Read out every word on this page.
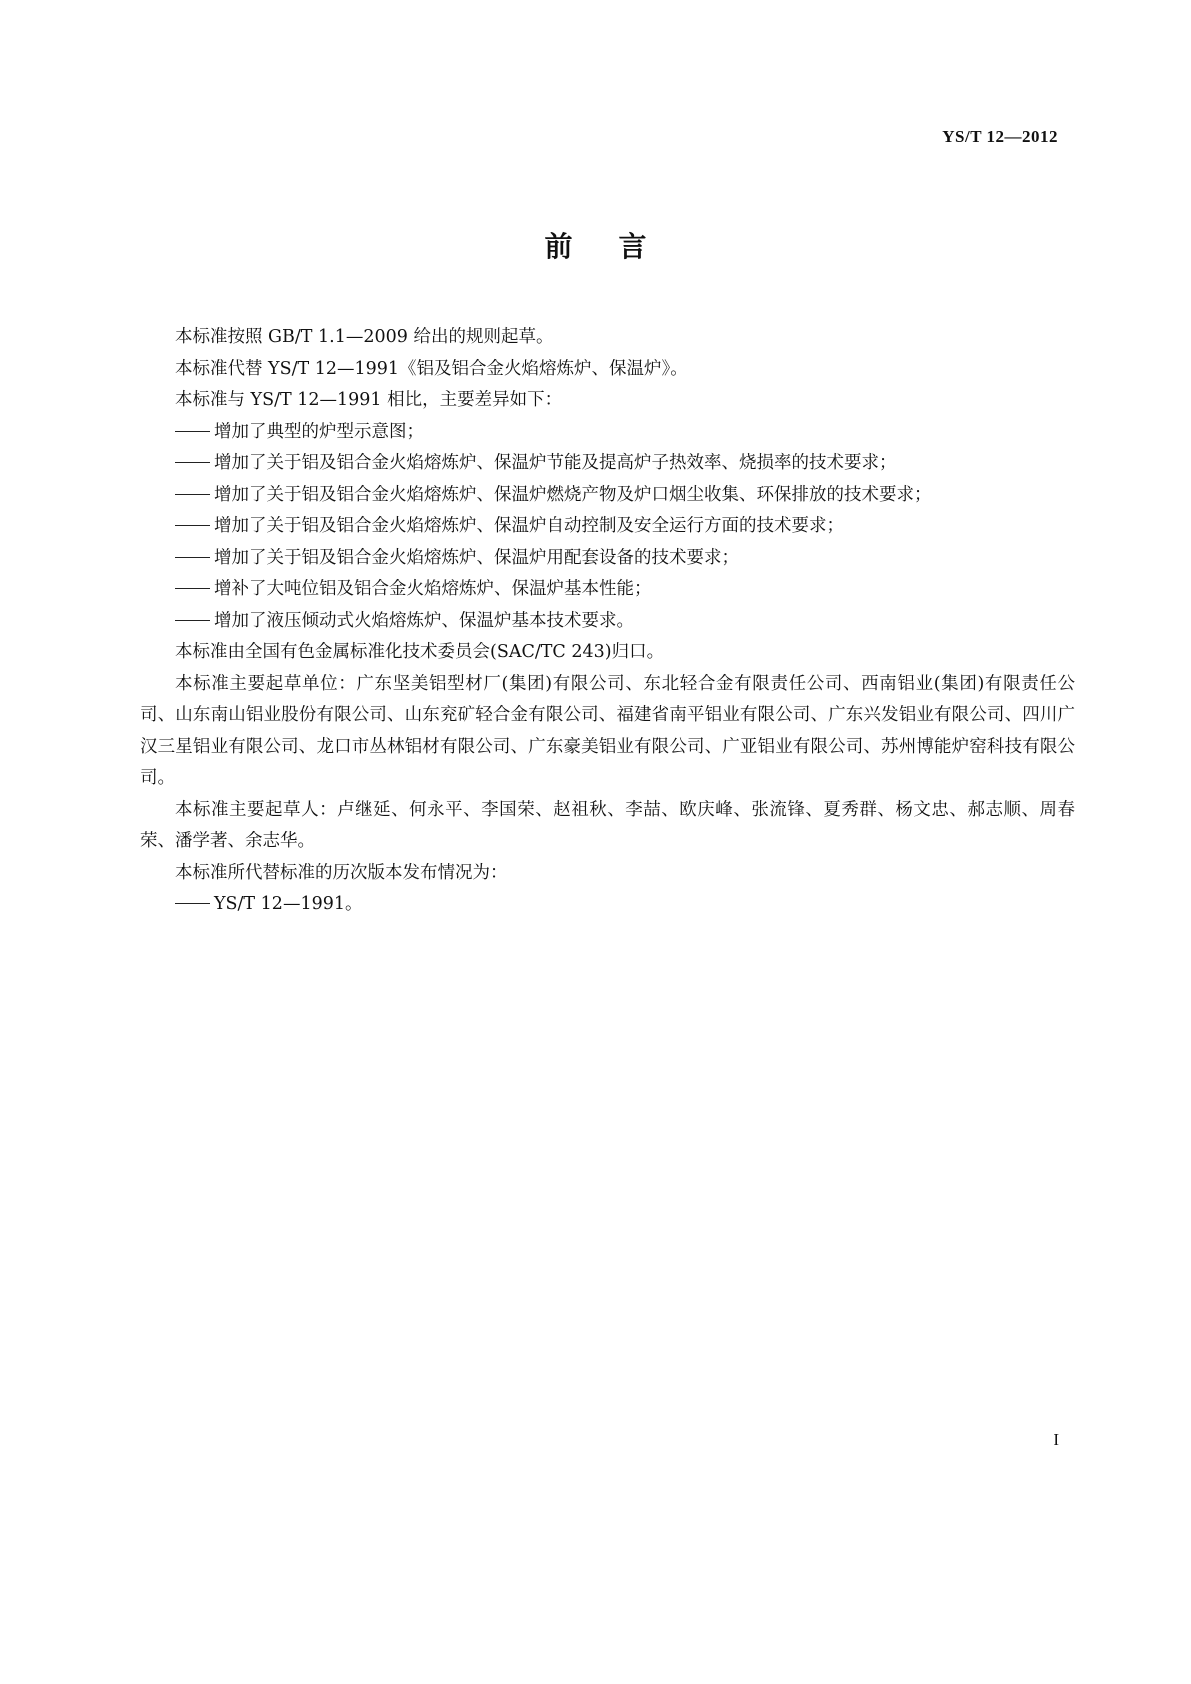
YS/T 12—2012
前言

本标准按照 GB/T 1.1—2009 给出的规则起草。

本标准代替 YS/T 12—1991《铝及铝合金火焰熔炼炉、保温炉》。

本标准与 YS/T 12—1991 相比，主要差异如下：

增加了典型的炉型示意图；

增加了关于铝及铝合金火焰熔炼炉、保温炉节能及提高炉子热效率、烧损率的技术要求；

增加了关于铝及铝合金火焰熔炼炉、保温炉燃烧产物及炉口烟尘收集、环保排放的技术要求；

增加了关于铝及铝合金火焰熔炼炉、保温炉自动控制及安全运行方面的技术要求；

增加了关于铝及铝合金火焰熔炼炉、保温炉用配套设备的技术要求；

增补了大吨位铝及铝合金火焰熔炼炉、保温炉基本性能；

增加了液压倾动式火焰熔炼炉、保温炉基本技术要求。

本标准由全国有色金属标准化技术委员会(SAC/TC 243)归口。

本标准主要起草单位：广东坚美铝型材厂(集团)有限公司、东北轻合金有限责任公司、西南铝业(集团)有限责任公司、山东南山铝业股份有限公司、山东兖矿轻合金有限公司、福建省南平铝业有限公司、广东兴发铝业有限公司、四川广汉三星铝业有限公司、龙口市丛林铝材有限公司、广东豪美铝业有限公司、广亚铝业有限公司、苏州博能炉窑科技有限公司。

本标准主要起草人：卢继延、何永平、李国荣、赵祖秋、李喆、欧庆峰、张流锋、夏秀群、杨文忠、郝志顺、周春荣、潘学著、余志华。

本标准所代替标准的历次版本发布情况为：

YS/T 12—1991。

I
